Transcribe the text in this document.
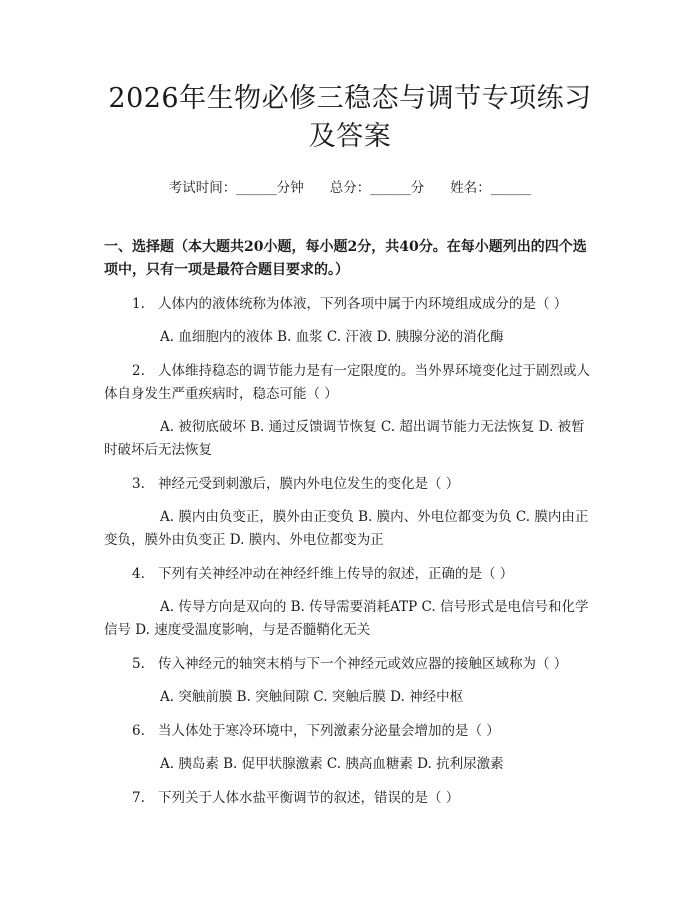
2026年生物必修三稳态与调节专项练习及答案
考试时间：______分钟 总分：______分 姓名：______
一、选择题（本大题共20小题，每小题2分，共40分。在每小题列出的四个选项中，只有一项是最符合题目要求的。）
1. 人体内的液体统称为体液，下列各项中属于内环境组成成分的是（ ）
A. 血细胞内的液体 B. 血浆 C. 汗液 D. 胰腺分泌的消化酶
2. 人体维持稳态的调节能力是有一定限度的。当外界环境变化过于剧烈或人体自身发生严重疾病时，稳态可能（ ）
A. 被彻底破坏 B. 通过反馈调节恢复 C. 超出调节能力无法恢复 D. 被暂时破坏后无法恢复
3. 神经元受到刺激后，膜内外电位发生的变化是（ ）
A. 膜内由负变正，膜外由正变负 B. 膜内、外电位都变为负 C. 膜内由正变负，膜外由负变正 D. 膜内、外电位都变为正
4. 下列有关神经冲动在神经纤维上传导的叙述，正确的是（ ）
A. 传导方向是双向的 B. 传导需要消耗ATP C. 信号形式是电信号和化学信号 D. 速度受温度影响，与是否髓鞘化无关
5. 传入神经元的轴突末梢与下一个神经元或效应器的接触区域称为（ ）
A. 突触前膜 B. 突触间隙 C. 突触后膜 D. 神经中枢
6. 当人体处于寒冷环境中，下列激素分泌量会增加的是（ ）
A. 胰岛素 B. 促甲状腺激素 C. 胰高血糖素 D. 抗利尿激素
7. 下列关于人体水盐平衡调节的叙述，错误的是（ ）
